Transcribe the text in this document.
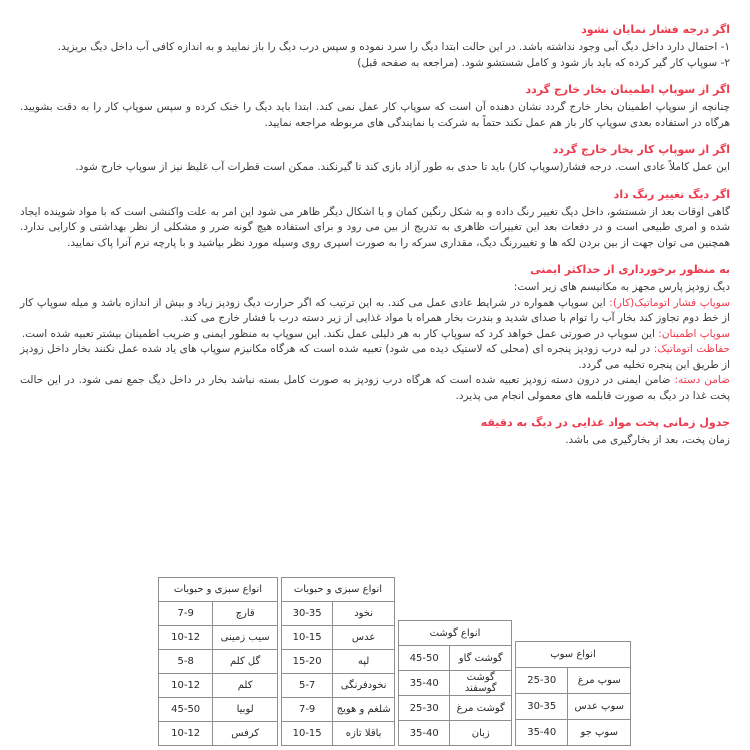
اگر درجه فشار نمایان نشود

۱- احتمال دارد داخل دیگ آبی وجود نداشته باشد. در این حالت ابتدا دیگ را سرد نموده و سپس درب دیگ را باز نمایید و به اندازه کافی آب داخل دیگ بریزید.

۲- سوپاپ کار گیر کرده که باید باز شود و کامل شستشو شود. (مراجعه به صفحه قبل)

اگر از سوپاپ اطمینان بخار خارج گردد

چنانچه از سوپاپ اطمینان بخار خارج گردد نشان دهنده آن است که سوپاپ کار عمل نمی کند. ابتدا باید دیگ را خنک کرده و سپس سوپاپ کار را به دقت بشویید. هرگاه در استفاده بعدی سوپاپ کار باز هم عمل نکند حتماً به شرکت یا نمایندگی های مربوطه مراجعه نمایید.

اگر از سوپاپ کار بخار خارج گردد

این عمل کاملاً عادی است. درجه فشار(سوپاپ کار) باید تا حدی به طور آزاد بازی کند تا گیرنکند. ممکن است قطرات آب غلیظ نیز از سوپاپ خارج شود.

اگر دیگ تغییر رنگ داد

گاهی اوقات بعد از شستشو، داخل دیگ تغییر رنگ داده و به شکل رنگین کمان و یا اشکال دیگر ظاهر می شود این امر به علت واکنشی است که با مواد شوینده ایجاد شده و امری طبیعی است و در دفعات بعد این تغییرات ظاهری به تدریج از بین می رود و برای استفاده هیچ گونه ضرر و مشکلی از نظر بهداشتی و کارایی ندارد. همچنین می توان جهت از بین بردن لکه ها و تغییررنگ دیگ، مقداری سرکه را به صورت اسپری روی وسیله مورد نظر بپاشید و با پارچه نرم آنرا پاک نمایید.

به منظور برخورداری از حداکثر ایمنی

دیگ زودپز پارس مجهز به مکانیسم های زیر است:

سوپاپ فشار اتوماتیک(کار): این سوپاپ همواره در شرایط عادی عمل می کند. به این ترتیب که اگر حرارت دیگ زودپز زیاد و بیش از اندازه باشد و میله سوپاپ کار از خط دوم تجاوز کند بخار آب را توام با صدای شدید و بندرت بخار همراه با مواد غذایی از زیر دسته درب با فشار خارج می کند.

سوپاپ اطمینان: این سوپاپ در صورتی عمل خواهد کرد که سوپاپ کار به هر دلیلی عمل نکند. این سوپاپ به منظور ایمنی و ضریب اطمینان بیشتر تعبیه شده است.

حفاظت اتوماتیک: در لبه درب زودپز پنجره ای (محلی که لاستیک دیده می شود) تعبیه شده است که هرگاه مکانیزم سوپاپ های یاد شده عمل نکنند بخار داخل زودپز از طریق این پنجره تخلیه می گردد.

ضامن دسته: ضامن ایمنی در درون دسته زودپز تعبیه شده است که هرگاه درب زودپز به صورت کامل بسته نباشد بخار در داخل دیگ جمع نمی شود. در این حالت پخت غذا در دیگ به صورت قابلمه های معمولی انجام می پذیرد.

جدول زمانی پخت مواد غذایی در دیگ به دقیقه

زمان پخت، بعد از بخارگیری می باشد.

انواع سبزی و حبوبات	
قارچ	7-9
سیب زمینی	10-12
گل کلم	5-8
کلم	10-12
لوبیا	45-50
کرفس	10-12
انواع سبزی و حبوبات	
نخود	30-35
عدس	10-15
لپه	15-20
نخودفرنگی	5-7
شلغم و هویج	7-9
باقلا تازه	10-15
انواع گوشت	
گوشت گاو	45-50
گوشت گوسفند	35-40
گوشت مرغ	25-30
زبان	35-40
انواع سوپ	
سوپ مرغ	25-30
سوپ عدس	30-35
سوپ جو	35-40
